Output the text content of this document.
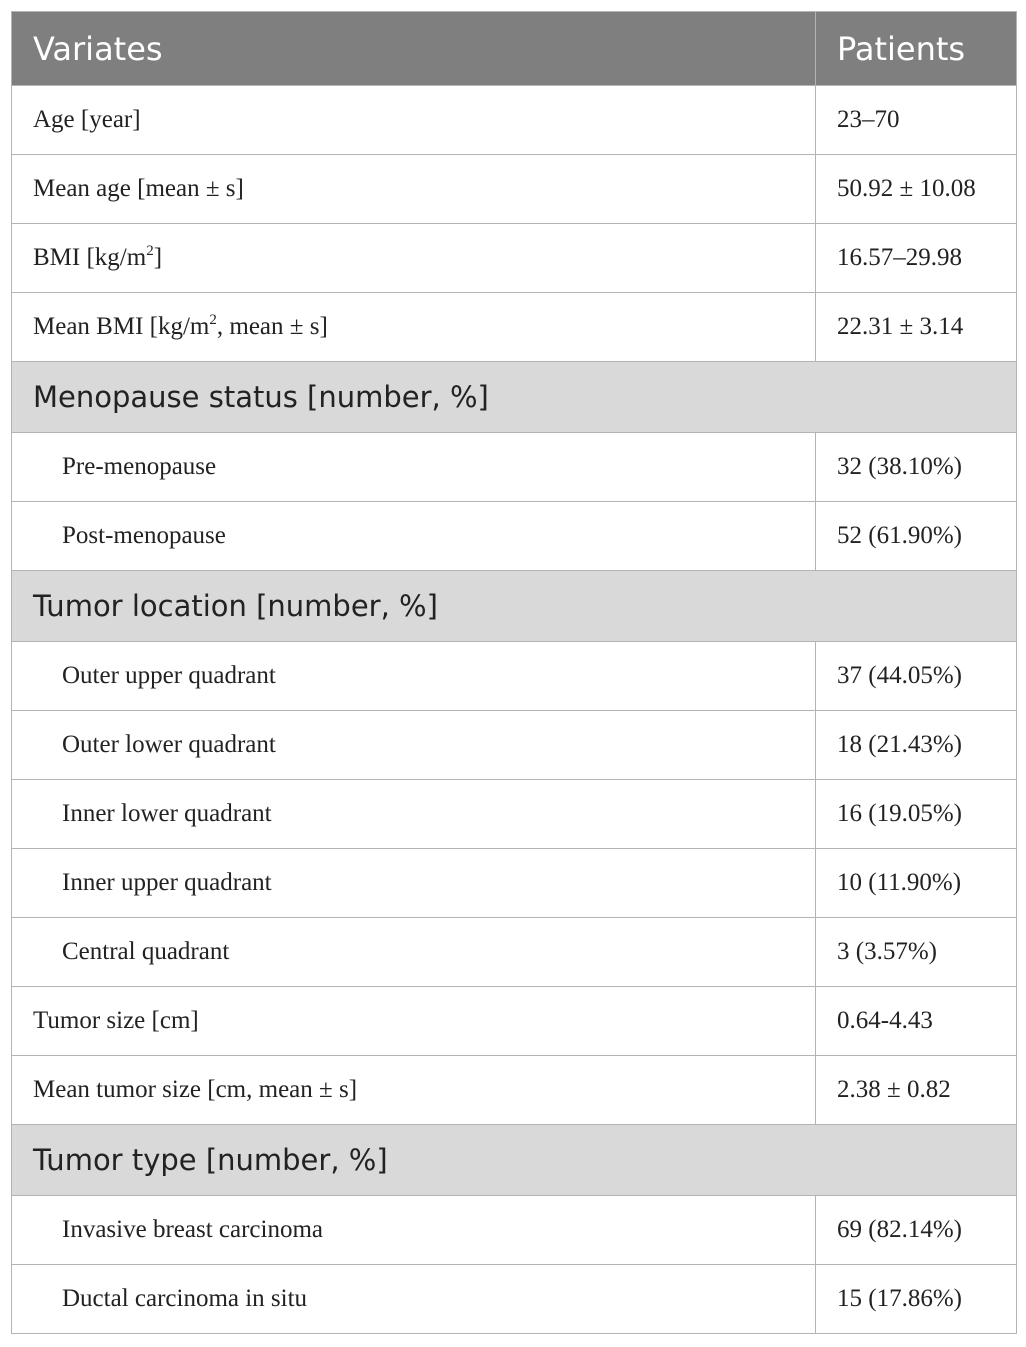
Variates	Patients
Age [year]	23–70
Mean age [mean ± s]	50.92 ± 10.08
BMI $[kg/m^2]$	16.57–29.98
Mean BMI [$kg/m^2$, mean ± s]	22.31 ± 3.14
Menopause status [number, %]	
Pre-menopause	32 (38.10%)
Post-menopause	52 (61.90%)
Tumor location [number, %]	
Outer upper quadrant	37 (44.05%)
Outer lower quadrant	18 (21.43%)
Inner lower quadrant	16 (19.05%)
Inner upper quadrant	10 (11.90%)
Central quadrant	3 (3.57%)
Tumor size [cm]	0.64-4.43
Mean tumor size [cm, mean ± s]	2.38 ± 0.82
Tumor type [number, %]	
Invasive breast carcinoma	69 (82.14%)
Ductal carcinoma in situ	15 (17.86%)
